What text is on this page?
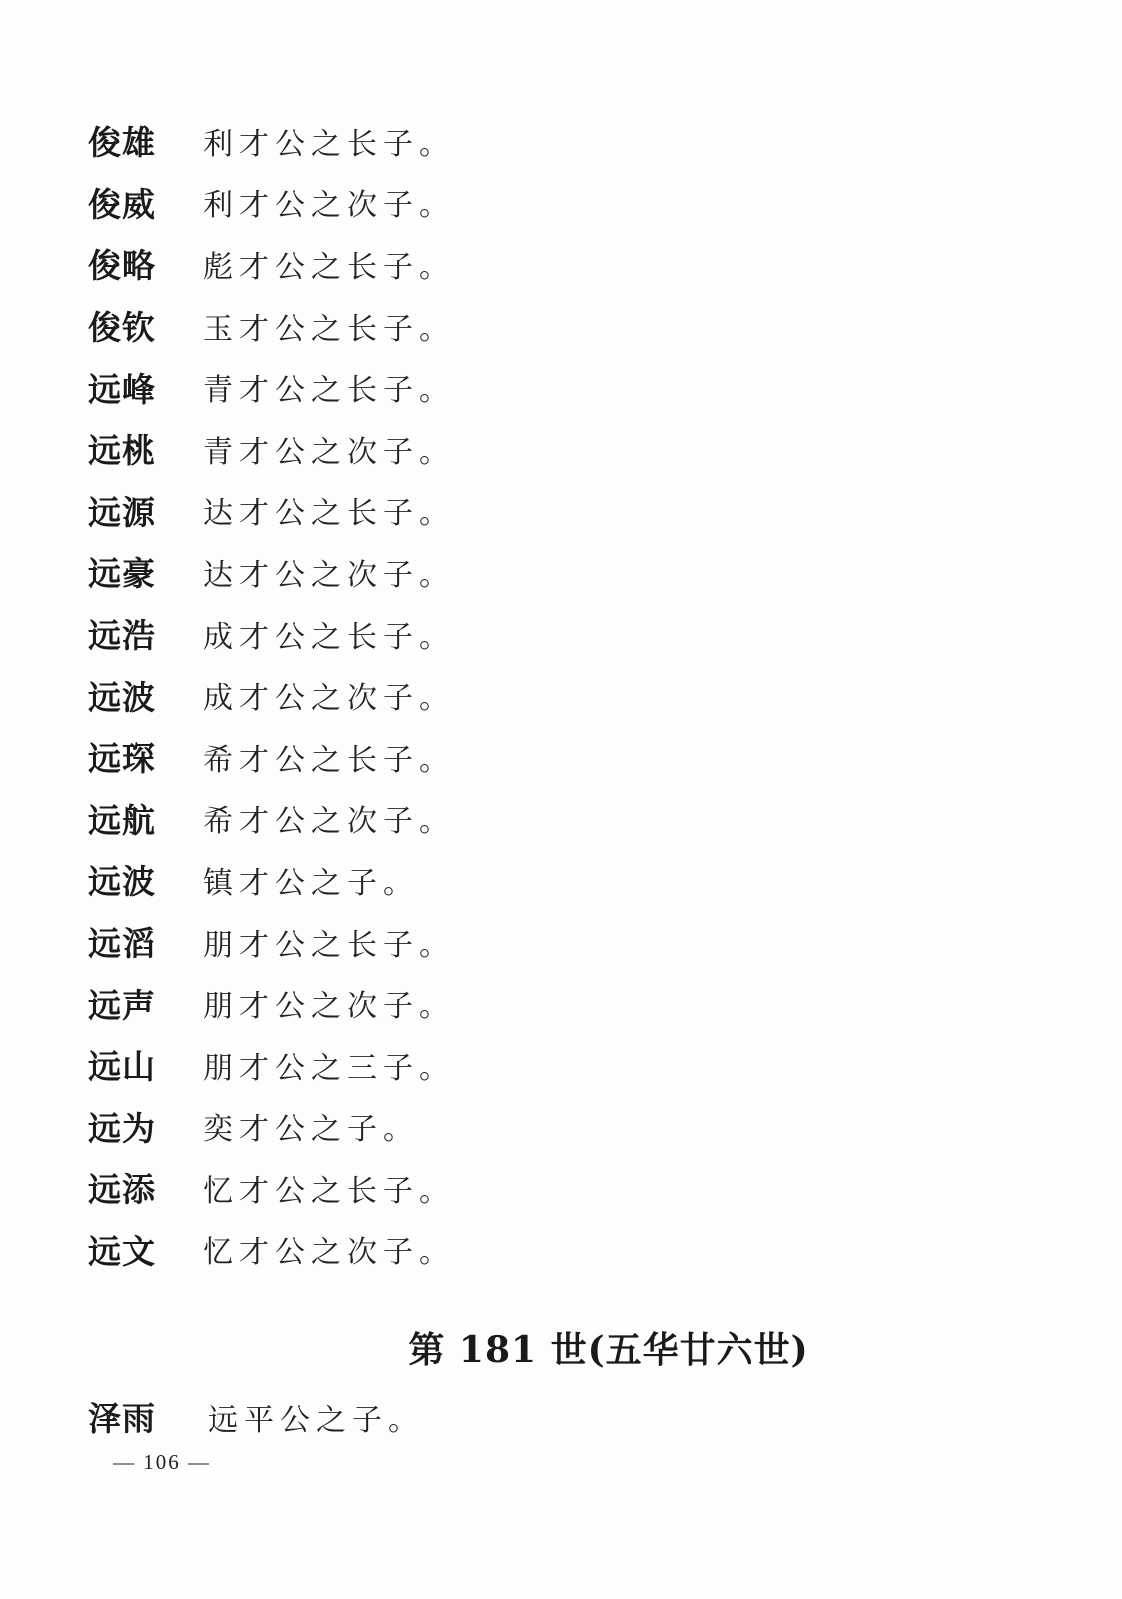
俊雄	利才公之长子。
俊威	利才公之次子。
俊略	彪才公之长子。
俊钦	玉才公之长子。
远峰	青才公之长子。
远桃	青才公之次子。
远源	达才公之长子。
远豪	达才公之次子。
远浩	成才公之长子。
远波	成才公之次子。
远琛	希才公之长子。
远航	希才公之次子。
远波	镇才公之子。
远滔	朋才公之长子。
远声	朋才公之次子。
远山	朋才公之三子。
远为	奕才公之子。
远添	忆才公之长子。
远文	忆才公之次子。
第 181 世(五华廿六世)
泽雨	远平公之子。
— 106 —
